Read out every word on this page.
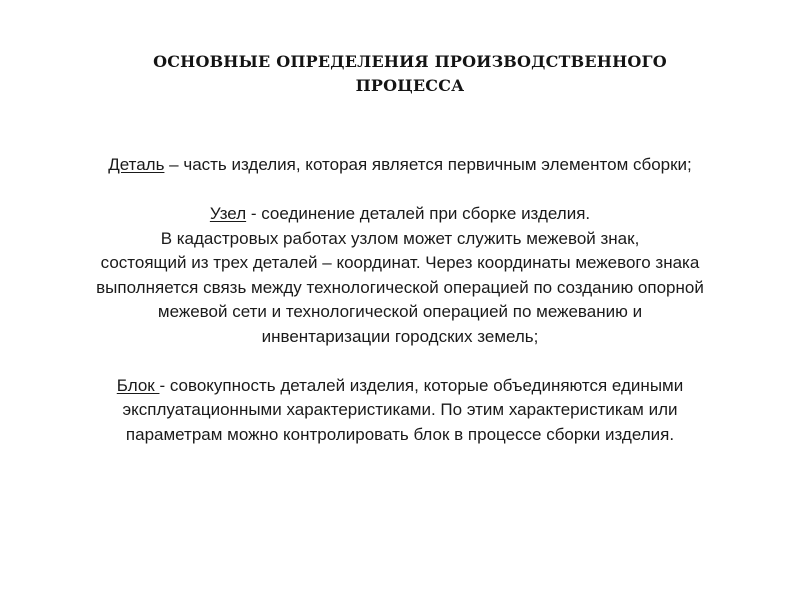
ОСНОВНЫЕ ОПРЕДЕЛЕНИЯ ПРОИЗВОДСТВЕННОГО
ПРОЦЕССА

Деталь – часть изделия, которая является первичным элементом сборки;

Узел - соединение деталей при сборке изделия.
В кадастровых работах узлом может служить межевой знак,
состоящий из трех деталей – координат. Через координаты межевого знака
выполняется связь между технологической операцией по созданию опорной
межевой сети и технологической операцией по межеванию и
инвентаризации городских земель;

Блок - совокупность деталей изделия, которые объединяются едиными
эксплуатационными характеристиками. По этим характеристикам или
параметрам можно контролировать блок в процессе сборки изделия.
